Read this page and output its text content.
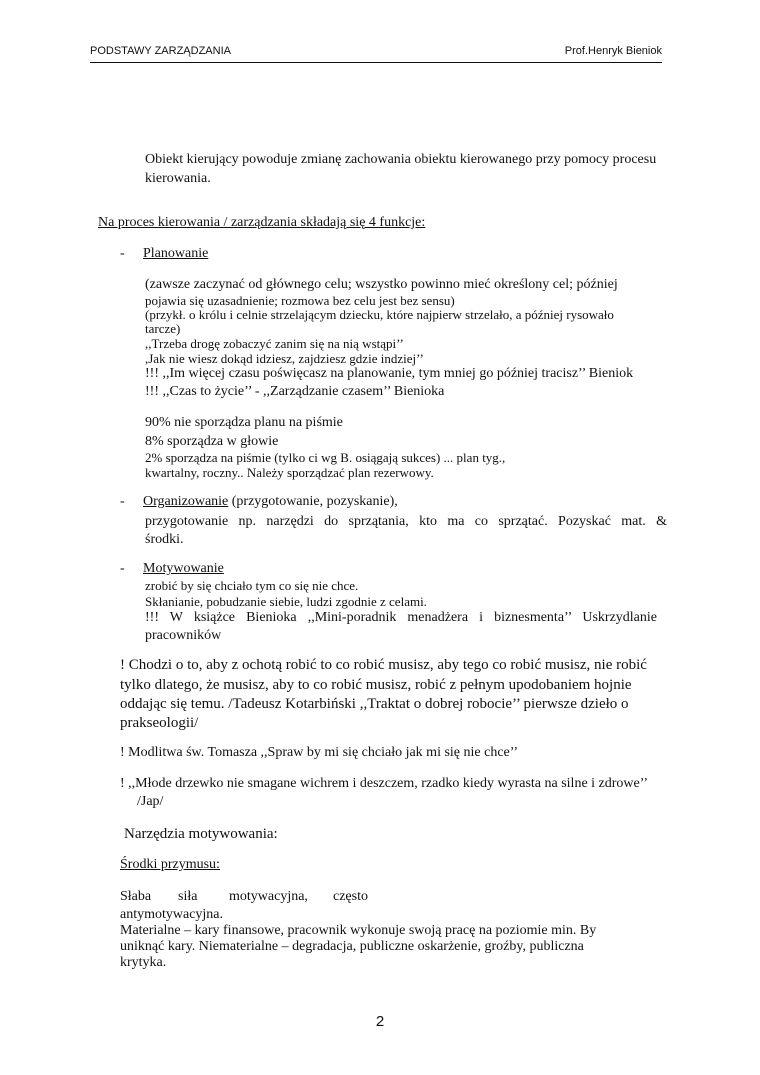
PODSTAWY ZARZĄDZANIA	Prof.Henryk Bieniok
Obiekt kierujący powoduje zmianę zachowania obiektu kierowanego przy pomocy procesu
kierowania.
Na proces kierowania / zarządzania składają się 4 funkcje:
- Planowanie
(zawsze zaczynać od głównego celu; wszystko powinno mieć określony cel; później
pojawia się uzasadnienie; rozmowa bez celu jest bez sensu)
(przykł. o królu i celnie strzelającym dziecku, które najpierw strzelało, a później rysowało
tarcze)
,,Trzeba drogę zobaczyć zanim się na nią wstąpi’’
,Jak nie wiesz dokąd idziesz, zajdziesz gdzie indziej’’
!!! ,,Im więcej czasu poświęcasz na planowanie, tym mniej go później tracisz’’ Bieniok
!!! ,,Czas to życie’’ - ,,Zarządzanie czasem’’ Bienioka
90% nie sporządza planu na piśmie
8% sporządza w głowie
2% sporządza na piśmie (tylko ci wg B. osiągają sukces) ... plan tyg.,
kwartalny, roczny.. Należy sporządzać plan rezerwowy.
- Organizowanie (przygotowanie, pozyskanie),
przygotowanie np. narzędzi do sprzątania, kto ma co sprzątać. Pozyskać mat. &
środki.
- Motywowanie
zrobić by się chciało tym co się nie chce.
Skłanianie, pobudzanie siebie, ludzi zgodnie z celami.
!!! W książce Bienioka ,,Mini-poradnik menadżera i biznesmenta’’ Uskrzydlanie
pracowników
! Chodzi o to, aby z ochotą robić to co robić musisz, aby tego co robić musisz, nie robić
tylko dlatego, że musisz, aby to co robić musisz, robić z pełnym upodobaniem hojnie
oddając się temu. /Tadeusz Kotarbiński ,,Traktat o dobrej robocie’’ pierwsze dzieło o
prakseologii/
! Modlitwa św. Tomasza ,,Spraw by mi się chciało jak mi się nie chce’’
! ,,Młode drzewko nie smagane wichrem i deszczem, rzadko kiedy wyrasta na silne i zdrowe’’
/Jap/
Narzędzia motywowania:
Środki przymusu:
Słaba siła motywacyjna, często
antymotywacyjna.
Materialne – kary finansowe, pracownik wykonuje swoją pracę na poziomie min. By
uniknąć kary. Niematerialne – degradacja, publiczne oskarżenie, groźby, publiczna
krytyka.
2
